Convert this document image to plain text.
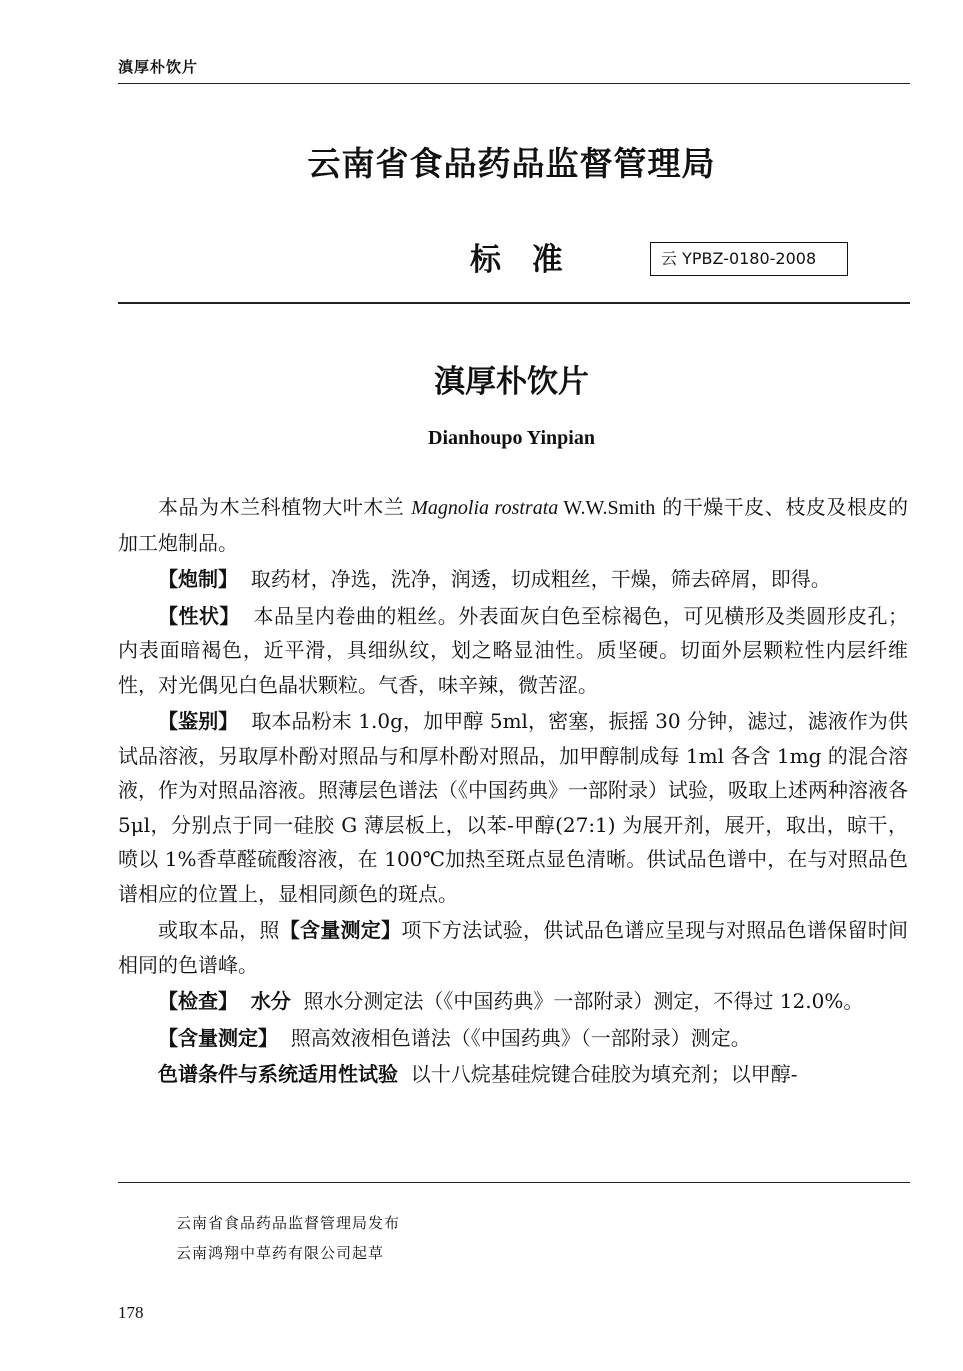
滇厚朴饮片
云南省食品药品监督管理局
标 准	云 YPBZ-0180-2008
滇厚朴饮片
Dianhoupo Yinpian

本品为木兰科植物大叶木兰 Magnolia rostrata W.W.Smith 的干燥干皮、枝皮及根皮的加工炮制品。

【炮制】 取药材，净选，洗净，润透，切成粗丝，干燥，筛去碎屑，即得。

【性状】 本品呈内卷曲的粗丝。外表面灰白色至棕褐色，可见横形及类圆形皮孔；内表面暗褐色，近平滑，具细纵纹，划之略显油性。质坚硬。切面外层颗粒性内层纤维性，对光偶见白色晶状颗粒。气香，味辛辣，微苦涩。

【鉴别】 取本品粉末 1.0g，加甲醇 5ml，密塞，振摇 30 分钟，滤过，滤液作为供试品溶液，另取厚朴酚对照品与和厚朴酚对照品，加甲醇制成每 1ml 各含 1mg 的混合溶液，作为对照品溶液。照薄层色谱法（《中国药典》一部附录）试验，吸取上述两种溶液各 5μl，分别点于同一硅胶 G 薄层板上，以苯-甲醇(27:1) 为展开剂，展开，取出，晾干，喷以 1%香草醛硫酸溶液，在 100℃加热至斑点显色清晰。供试品色谱中，在与对照品色谱相应的位置上，显相同颜色的斑点。

或取本品，照【含量测定】项下方法试验，供试品色谱应呈现与对照品色谱保留时间相同的色谱峰。

【检查】 水分 照水分测定法（《中国药典》一部附录）测定，不得过 12.0%。

【含量测定】 照高效液相色谱法（《中国药典》（一部附录）测定。

色谱条件与系统适用性试验 以十八烷基硅烷键合硅胶为填充剂；以甲醇-

云南省食品药品监督管理局发布
云南鸿翔中草药有限公司起草
178
